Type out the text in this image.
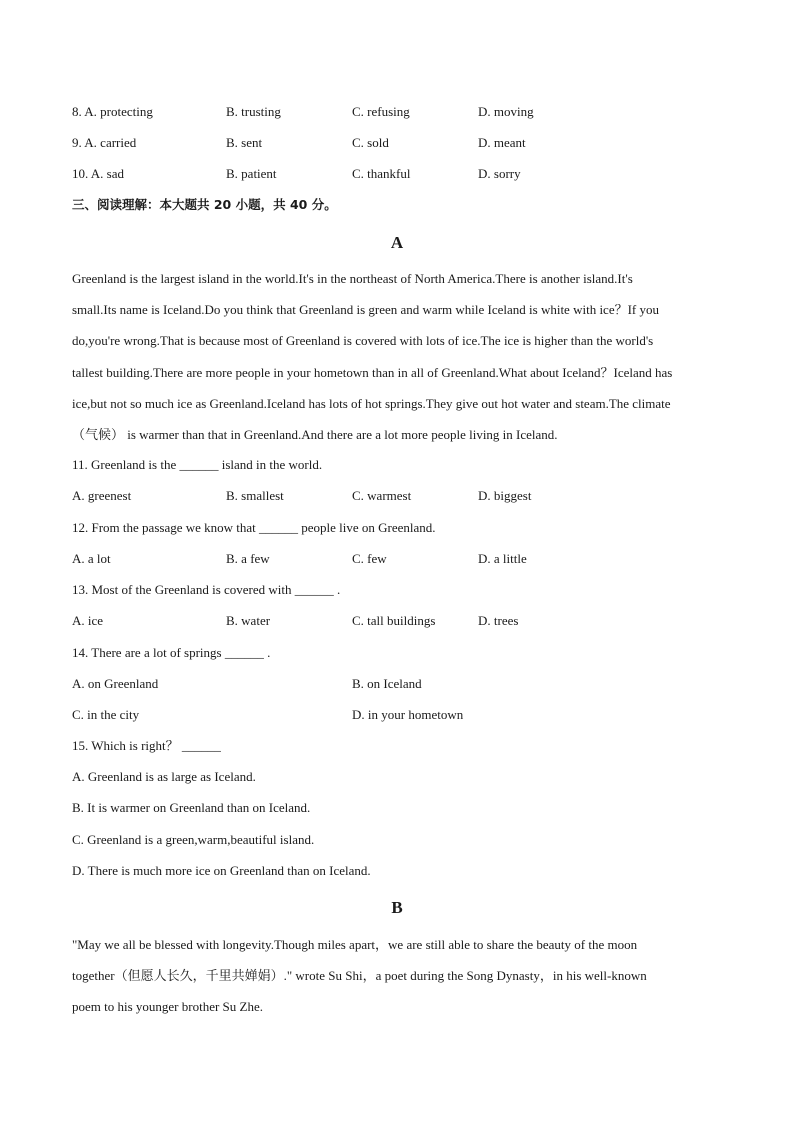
8. A. protecting	B. trusting	C. refusing	D. moving
9. A. carried	B. sent	C. sold	D. meant
10. A. sad	B. patient	C. thankful	D. sorry
三、阅读理解：本大题共 20 小题，共 40 分。
A
Greenland is the largest island in the world.It's in the northeast of North America.There is another island.It's
small.Its name is Iceland.Do you think that Greenland is green and warm while Iceland is white with ice？If you
do,you're wrong.That is because most of Greenland is covered with lots of ice.The ice is higher than the world's
tallest building.There are more people in your hometown than in all of Greenland.What about Iceland？Iceland has
ice,but not so much ice as Greenland.Iceland has lots of hot springs.They give out hot water and steam.The climate
（气候） is warmer than that in Greenland.And there are a lot more people living in Iceland.
11. Greenland is the ______ island in the world.
A. greenest	B. smallest	C. warmest	D. biggest
12. From the passage we know that ______ people live on Greenland.
A. a lot	B. a few	C. few	D. a little
13. Most of the Greenland is covered with ______ .
A. ice	B. water	C. tall buildings	D. trees
14. There are a lot of springs ______ .
A. on Greenland	B. on Iceland
C. in the city	D. in your hometown
15. Which is right？ ______
A. Greenland is as large as Iceland.
B. It is warmer on Greenland than on Iceland.
C. Greenland is a green,warm,beautiful island.
D. There is much more ice on Greenland than on Iceland.
B
"May we all be blessed with longevity.Though miles apart，we are still able to share the beauty of the moon
together（但愿人长久，千里共婵娟）." wrote Su Shi，a poet during the Song Dynasty，in his well-known
poem to his younger brother Su Zhe.
